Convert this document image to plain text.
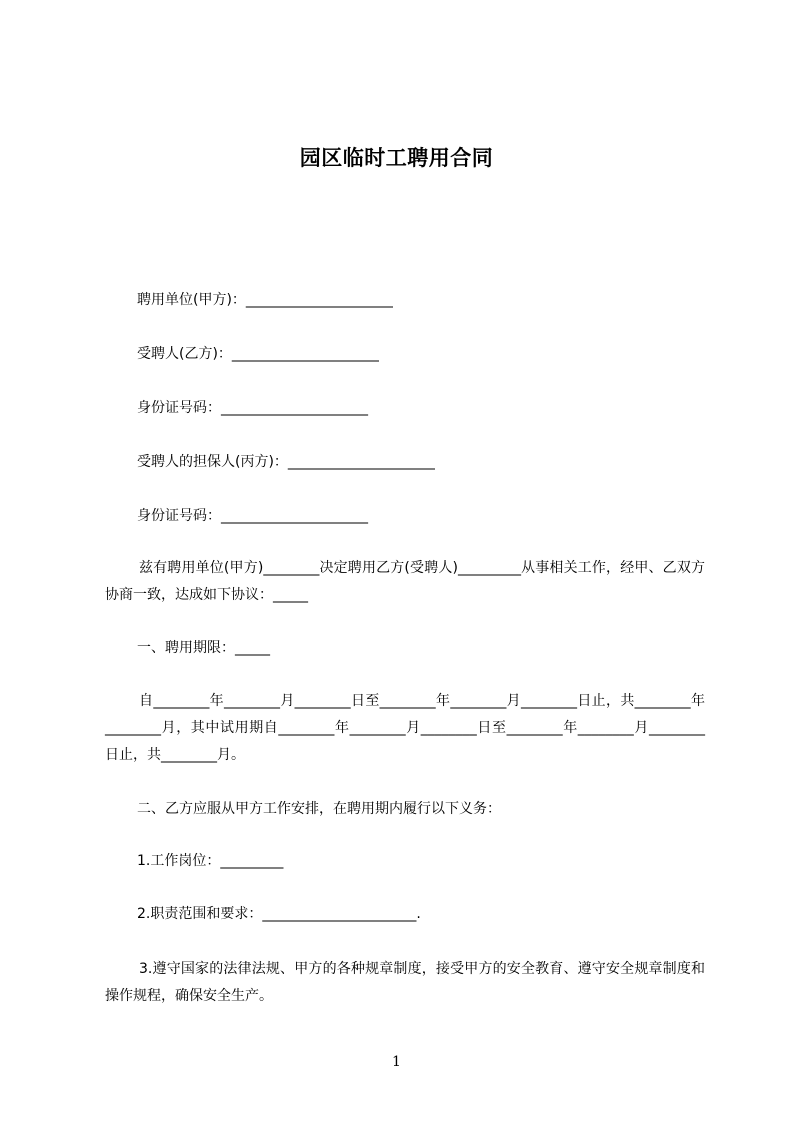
园区临时工聘用合同
聘用单位(甲方)：_____________________
受聘人(乙方)：_____________________
身份证号码：_____________________
受聘人的担保人(丙方)：_____________________
身份证号码：_____________________
兹有聘用单位(甲方)________决定聘用乙方(受聘人)_________从事相关工作，经甲、乙双方协商一致，达成如下协议：_____
一、聘用期限：_____
自________年________月________日至________年________月________日止，共________年________月，其中试用期自________年________月________日至________年________月________日止，共________月。
二、乙方应服从甲方工作安排，在聘用期内履行以下义务：
1.工作岗位：_________
2.职责范围和要求：______________________.
3.遵守国家的法律法规、甲方的各种规章制度，接受甲方的安全教育、遵守安全规章制度和操作规程，确保安全生产。
1
